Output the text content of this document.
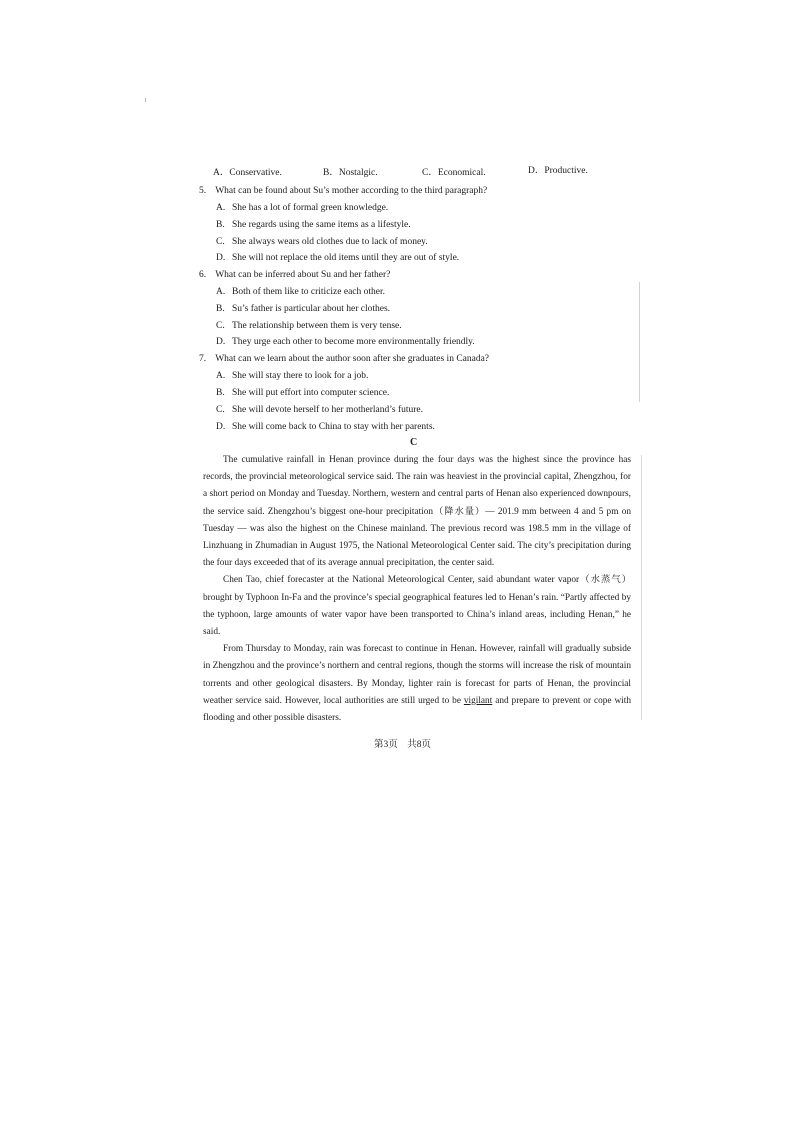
A．Conservative.	B．Nostalgic.	C．Economical.	D．Productive.
5. What can be found about Su’s mother according to the third paragraph?
A. She has a lot of formal green knowledge.
B. She regards using the same items as a lifestyle.
C. She always wears old clothes due to lack of money.
D. She will not replace the old items until they are out of style.
6. What can be inferred about Su and her father?
A. Both of them like to criticize each other.
B. Su’s father is particular about her clothes.
C. The relationship between them is very tense.
D. They urge each other to become more environmentally friendly.
7. What can we learn about the author soon after she graduates in Canada?
A. She will stay there to look for a job.
B. She will put effort into computer science.
C. She will devote herself to her motherland’s future.
D. She will come back to China to stay with her parents.
C

The cumulative rainfall in Henan province during the four days was the highest since the province has records, the provincial meteorological service said. The rain was heaviest in the provincial capital, Zhengzhou, for a short period on Monday and Tuesday. Northern, western and central parts of Henan also experienced downpours, the service said. Zhengzhou’s biggest one-hour precipitation（降水量）— 201.9 mm between 4 and 5 pm on Tuesday — was also the highest on the Chinese mainland. The previous record was 198.5 mm in the village of Linzhuang in Zhumadian in August 1975, the National Meteorological Center said. The city’s precipitation during the four days exceeded that of its average annual precipitation, the center said.

Chen Tao, chief forecaster at the National Meteorological Center, said abundant water vapor（水蒸气）brought by Typhoon In-Fa and the province’s special geographical features led to Henan’s rain. “Partly affected by the typhoon, large amounts of water vapor have been transported to China’s inland areas, including Henan,” he said.

From Thursday to Monday, rain was forecast to continue in Henan. However, rainfall will gradually subside in Zhengzhou and the province’s northern and central regions, though the storms will increase the risk of mountain torrents and other geological disasters. By Monday, lighter rain is forecast for parts of Henan, the provincial weather service said. However, local authorities are still urged to be vigilant and prepare to prevent or cope with flooding and other possible disasters.

第3页　共8页
